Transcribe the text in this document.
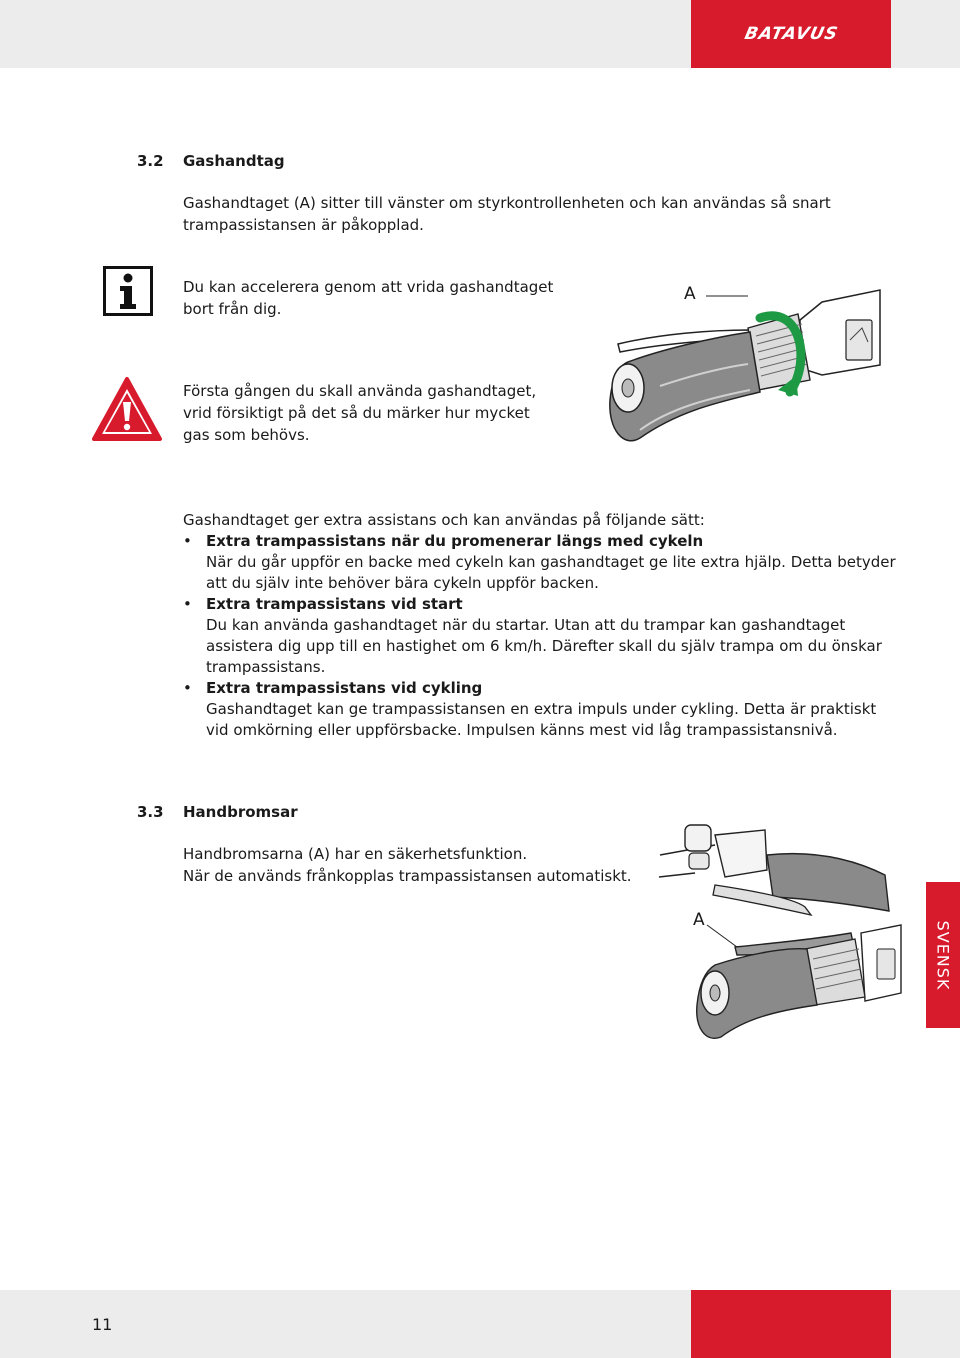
BATAVUS
3.2 Gashandtag

Gashandtaget (A) sitter till vänster om styrkontrollenheten och kan användas så snart
trampassistansen är påkopplad.

Du kan accelerera genom att vrida gashandtaget
bort från dig.

Första gången du skall använda gashandtaget,
vrid försiktigt på det så du märker hur mycket
gas som behövs.

A

Gashandtaget ger extra assistans och kan användas på följande sätt:

• Extra trampassistans när du promenerar längs med cykeln
När du går uppför en backe med cykeln kan gashandtaget ge lite extra hjälp. Detta betyder
att du själv inte behöver bära cykeln uppför backen.
• Extra trampassistans vid start
Du kan använda gashandtaget när du startar. Utan att du trampar kan gashandtaget
assistera dig upp till en hastighet om 6 km/h. Därefter skall du själv trampa om du önskar
trampassistans.
• Extra trampassistans vid cykling
Gashandtaget kan ge trampassistansen en extra impuls under cykling. Detta är praktiskt
vid omkörning eller uppförsbacke. Impulsen känns mest vid låg trampassistansnivå.
3.3 Handbromsar

Handbromsarna (A) har en säkerhetsfunktion.
När de används frånkopplas trampassistansen automatiskt.

A
SVENSK
11
